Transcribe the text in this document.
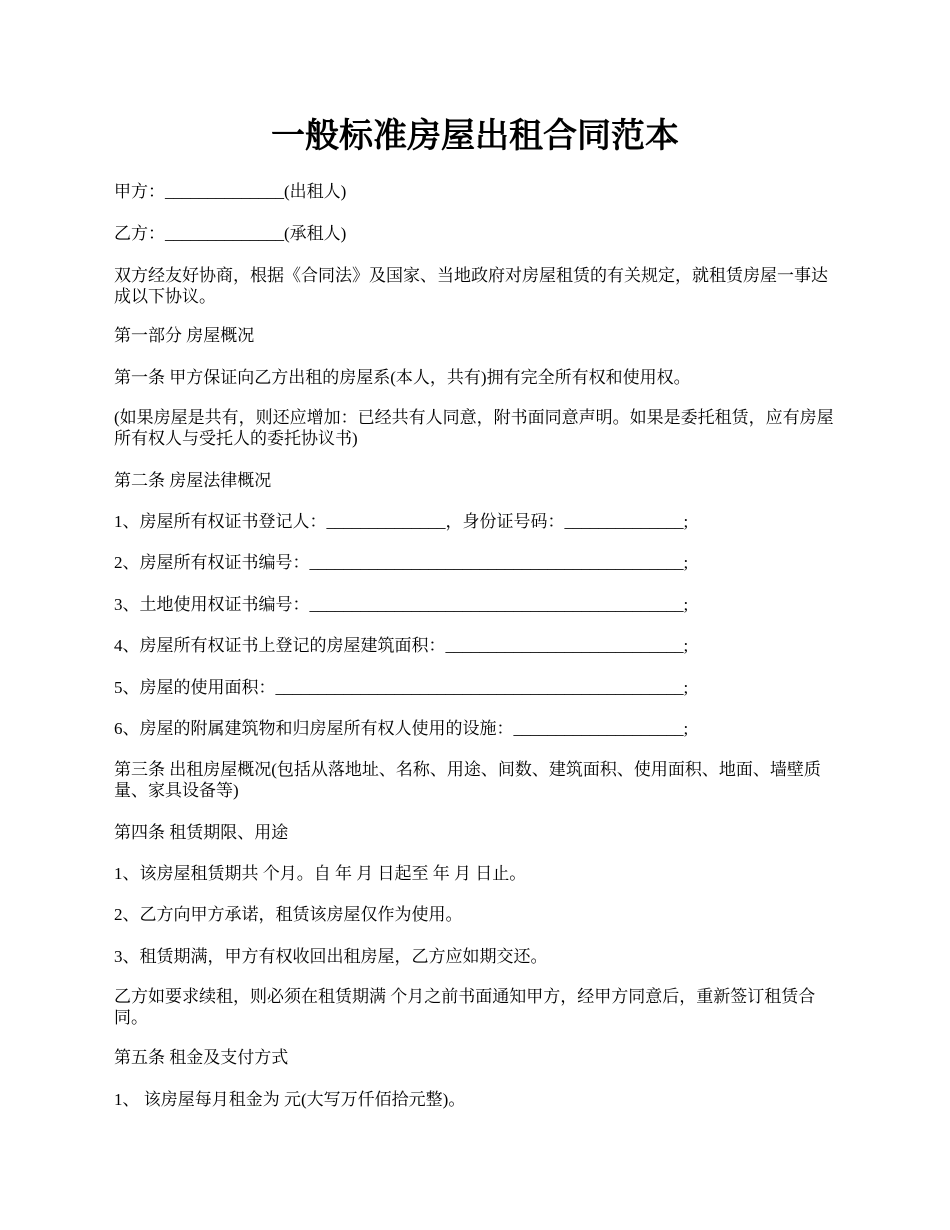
一般标准房屋出租合同范本

甲方：______________(出租人)

乙方：______________(承租人)

双方经友好协商，根据《合同法》及国家、当地政府对房屋租赁的有关规定，就租赁房屋一事达成以下协议。

第一部分 房屋概况

第一条 甲方保证向乙方出租的房屋系(本人，共有)拥有完全所有权和使用权。

(如果房屋是共有，则还应增加：已经共有人同意，附书面同意声明。如果是委托租赁，应有房屋所有权人与受托人的委托协议书)

第二条 房屋法律概况

1、房屋所有权证书登记人：______________，身份证号码：______________;

2、房屋所有权证书编号：____________________________________________;

3、土地使用权证书编号：____________________________________________;

4、房屋所有权证书上登记的房屋建筑面积：____________________________;

5、房屋的使用面积：________________________________________________;

6、房屋的附属建筑物和归房屋所有权人使用的设施：____________________;

第三条 出租房屋概况(包括从落地址、名称、用途、间数、建筑面积、使用面积、地面、墙壁质量、家具设备等)

第四条 租赁期限、用途

1、该房屋租赁期共 个月。自 年 月 日起至 年 月 日止。

2、乙方向甲方承诺，租赁该房屋仅作为使用。

3、租赁期满，甲方有权收回出租房屋，乙方应如期交还。

乙方如要求续租，则必须在租赁期满 个月之前书面通知甲方，经甲方同意后，重新签订租赁合同。

第五条 租金及支付方式

1、 该房屋每月租金为 元(大写万仟佰拾元整)。
